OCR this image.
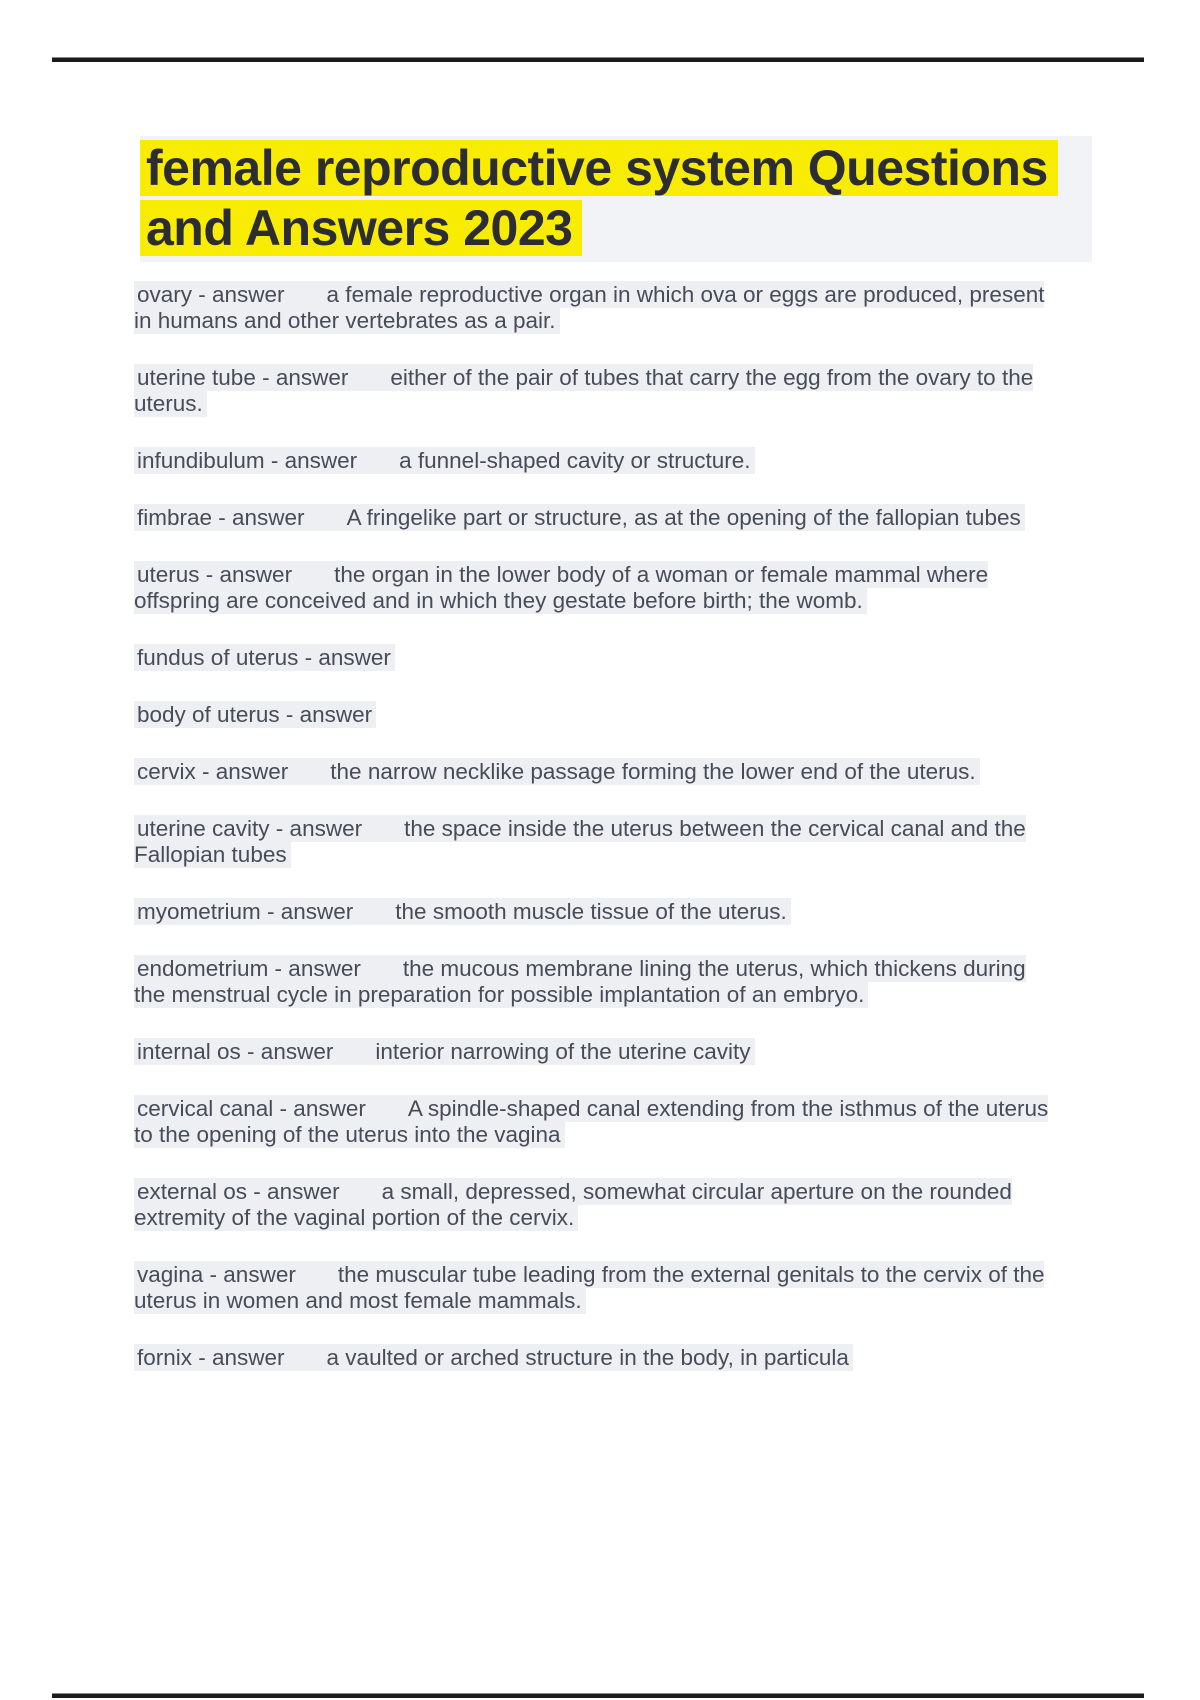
female reproductive system Questions
and Answers 2023

ovary - answer a female reproductive organ in which ova or eggs are produced, present in humans and other vertebrates as a pair.

uterine tube - answer either of the pair of tubes that carry the egg from the ovary to the uterus.

infundibulum - answer a funnel-shaped cavity or structure.

fimbrae - answer A fringelike part or structure, as at the opening of the fallopian tubes

uterus - answer the organ in the lower body of a woman or female mammal where offspring are conceived and in which they gestate before birth; the womb.

fundus of uterus - answer

body of uterus - answer

cervix - answer the narrow necklike passage forming the lower end of the uterus.

uterine cavity - answer the space inside the uterus between the cervical canal and the Fallopian tubes

myometrium - answer the smooth muscle tissue of the uterus.

endometrium - answer the mucous membrane lining the uterus, which thickens during the menstrual cycle in preparation for possible implantation of an embryo.

internal os - answer interior narrowing of the uterine cavity

cervical canal - answer A spindle-shaped canal extending from the isthmus of the uterus to the opening of the uterus into the vagina

external os - answer a small, depressed, somewhat circular aperture on the rounded extremity of the vaginal portion of the cervix.

vagina - answer the muscular tube leading from the external genitals to the cervix of the uterus in women and most female mammals.

fornix - answer a vaulted or arched structure in the body, in particula
